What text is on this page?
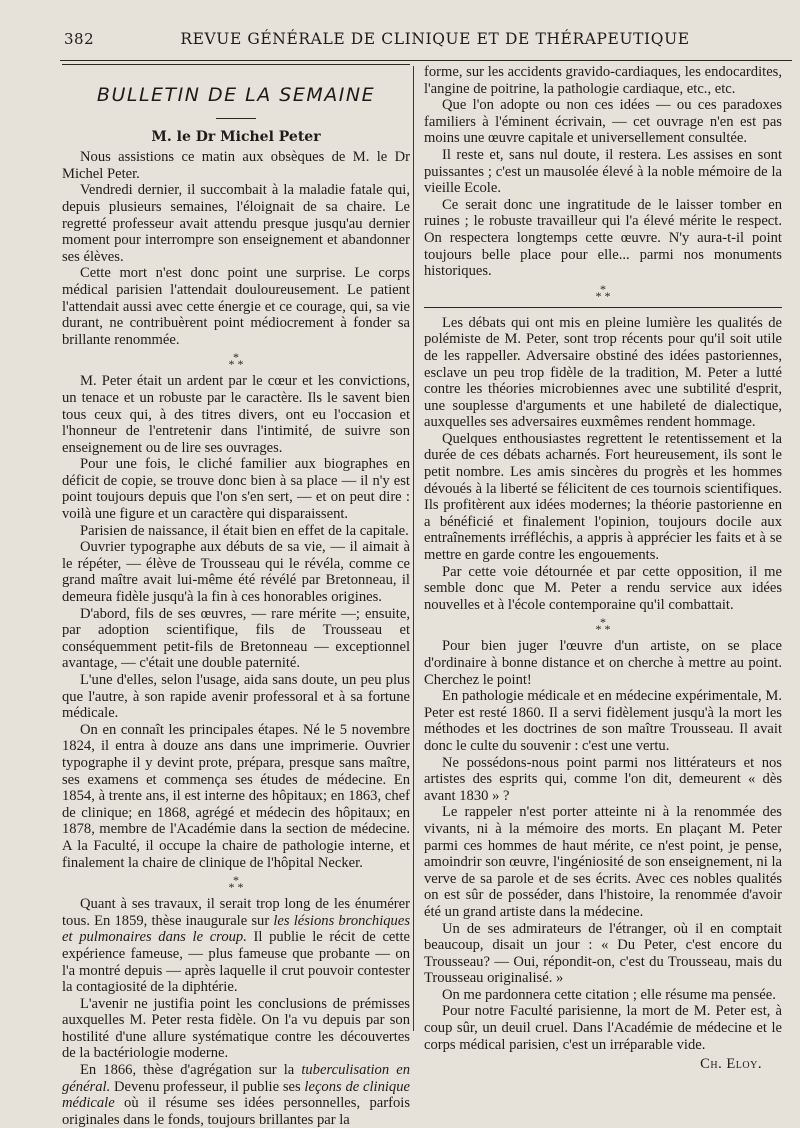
382	REVUE GÉNÉRALE DE CLINIQUE ET DE THÉRAPEUTIQUE
BULLETIN DE LA SEMAINE
M. le Dr Michel Peter

Nous assistions ce matin aux obsèques de M. le Dr Michel Peter.

Vendredi dernier, il succombait à la maladie fatale qui, depuis plusieurs semaines, l'éloignait de sa chaire. Le regretté professeur avait attendu presque jusqu'au dernier moment pour interrompre son enseignement et abandonner ses élèves.

Cette mort n'est donc point une surprise. Le corps médical parisien l'attendait douloureusement. Le patient l'attendait aussi avec cette énergie et ce courage, qui, sa vie durant, ne contribuèrent point médiocrement à fonder sa brillante renommée.

*
* *

M. Peter était un ardent par le cœur et les convictions, un tenace et un robuste par le caractère. Ils le savent bien tous ceux qui, à des titres divers, ont eu l'occasion et l'honneur de l'entretenir dans l'intimité, de suivre son enseignement ou de lire ses ouvrages.

Pour une fois, le cliché familier aux biographes en déficit de copie, se trouve donc bien à sa place — il n'y est point toujours depuis que l'on s'en sert, — et on peut dire : voilà une figure et un caractère qui disparaissent.

Parisien de naissance, il était bien en effet de la capitale.

Ouvrier typographe aux débuts de sa vie, — il aimait à le répéter, — élève de Trousseau qui le révéla, comme ce grand maître avait lui-même été révélé par Bretonneau, il demeura fidèle jusqu'à la fin à ces honorables origines.

D'abord, fils de ses œuvres, — rare mérite —; ensuite, par adoption scientifique, fils de Trousseau et conséquemment petit-fils de Bretonneau — exceptionnel avantage, — c'était une double paternité.

L'une d'elles, selon l'usage, aida sans doute, un peu plus que l'autre, à son rapide avenir professoral et à sa fortune médicale.

On en connaît les principales étapes. Né le 5 novembre 1824, il entra à douze ans dans une imprimerie. Ouvrier typographe il y devint prote, prépara, presque sans maître, ses examens et commença ses études de médecine. En 1854, à trente ans, il est interne des hôpitaux; en 1863, chef de clinique; en 1868, agrégé et médecin des hôpitaux; en 1878, membre de l'Académie dans la section de médecine. A la Faculté, il occupe la chaire de pathologie interne, et finalement la chaire de clinique de l'hôpital Necker.

*
* *

Quant à ses travaux, il serait trop long de les énumérer tous. En 1859, thèse inaugurale sur les lésions bronchiques et pulmonaires dans le croup. Il publie le récit de cette expérience fameuse, — plus fameuse que probante — on l'a montré depuis — après laquelle il crut pouvoir contester la contagiosité de la diphtérie.

L'avenir ne justifia point les conclusions de prémisses auxquelles M. Peter resta fidèle. On l'a vu depuis par son hostilité d'une allure systématique contre les découvertes de la bactériologie moderne.

En 1866, thèse d'agrégation sur la tuberculisation en général. Devenu professeur, il publie ses leçons de clinique médicale où il résume ses idées personnelles, parfois originales dans le fonds, toujours brillantes par la

forme, sur les accidents gravido-cardiaques, les endocardites, l'angine de poitrine, la pathologie cardiaque, etc., etc.

Que l'on adopte ou non ces idées — ou ces paradoxes familiers à l'éminent écrivain, — cet ouvrage n'en est pas moins une œuvre capitale et universellement consultée.

Il reste et, sans nul doute, il restera. Les assises en sont puissantes ; c'est un mausolée élevé à la noble mémoire de la vieille Ecole.

Ce serait donc une ingratitude de le laisser tomber en ruines ; le robuste travailleur qui l'a élevé mérite le respect. On respectera longtemps cette œuvre. N'y aura-t-il point toujours belle place pour elle... parmi nos monuments historiques.

*
* *

Les débats qui ont mis en pleine lumière les qualités de polémiste de M. Peter, sont trop récents pour qu'il soit utile de les rappeller. Adversaire obstiné des idées pastoriennes, esclave un peu trop fidèle de la tradition, M. Peter a lutté contre les théories microbiennes avec une subtilité d'esprit, une souplesse d'arguments et une habileté de dialectique, auxquelles ses adversaires euxmêmes rendent hommage.

Quelques enthousiastes regrettent le retentissement et la durée de ces débats acharnés. Fort heureusement, ils sont le petit nombre. Les amis sincères du progrès et les hommes dévoués à la liberté se félicitent de ces tournois scientifiques. Ils profitèrent aux idées modernes; la théorie pastorienne en a bénéficié et finalement l'opinion, toujours docile aux entraînements irréfléchis, a appris à apprécier les faits et à se mettre en garde contre les engouements.

Par cette voie détournée et par cette opposition, il me semble donc que M. Peter a rendu service aux idées nouvelles et à l'école contemporaine qu'il combattait.

*
* *

Pour bien juger l'œuvre d'un artiste, on se place d'ordinaire à bonne distance et on cherche à mettre au point. Cherchez le point!

En pathologie médicale et en médecine expérimentale, M. Peter est resté 1860. Il a servi fidèlement jusqu'à la mort les méthodes et les doctrines de son maître Trousseau. Il avait donc le culte du souvenir : c'est une vertu.

Ne possédons-nous point parmi nos littérateurs et nos artistes des esprits qui, comme l'on dit, demeurent « dès avant 1830 » ?

Le rappeler n'est porter atteinte ni à la renommée des vivants, ni à la mémoire des morts. En plaçant M. Peter parmi ces hommes de haut mérite, ce n'est point, je pense, amoindrir son œuvre, l'ingéniosité de son enseignement, ni la verve de sa parole et de ses écrits. Avec ces nobles qualités on est sûr de posséder, dans l'histoire, la renommée d'avoir été un grand artiste dans la médecine.

Un de ses admirateurs de l'étranger, où il en comptait beaucoup, disait un jour : « Du Peter, c'est encore du Trousseau? — Oui, répondit-on, c'est du Trousseau, mais du Trousseau originalisé. »

On me pardonnera cette citation ; elle résume ma pensée.

Pour notre Faculté parisienne, la mort de M. Peter est, à coup sûr, un deuil cruel. Dans l'Académie de médecine et le corps médical parisien, c'est un irréparable vide.

Ch. Eloy.
